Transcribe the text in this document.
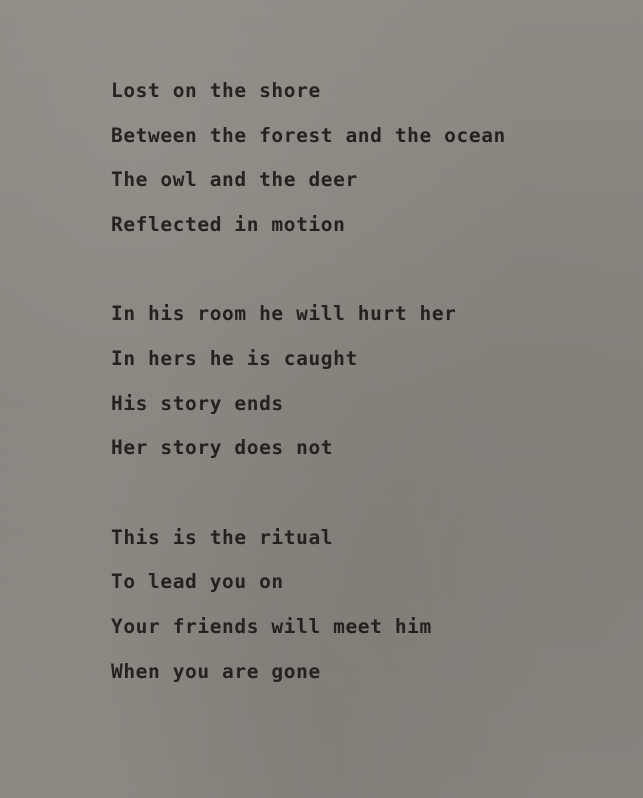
Lost on the shore
Between the forest and the ocean
The owl and the deer
Reflected in motion
In his room he will hurt her
In hers he is caught
His story ends
Her story does not
This is the ritual
To lead you on
Your friends will meet him
When you are gone
